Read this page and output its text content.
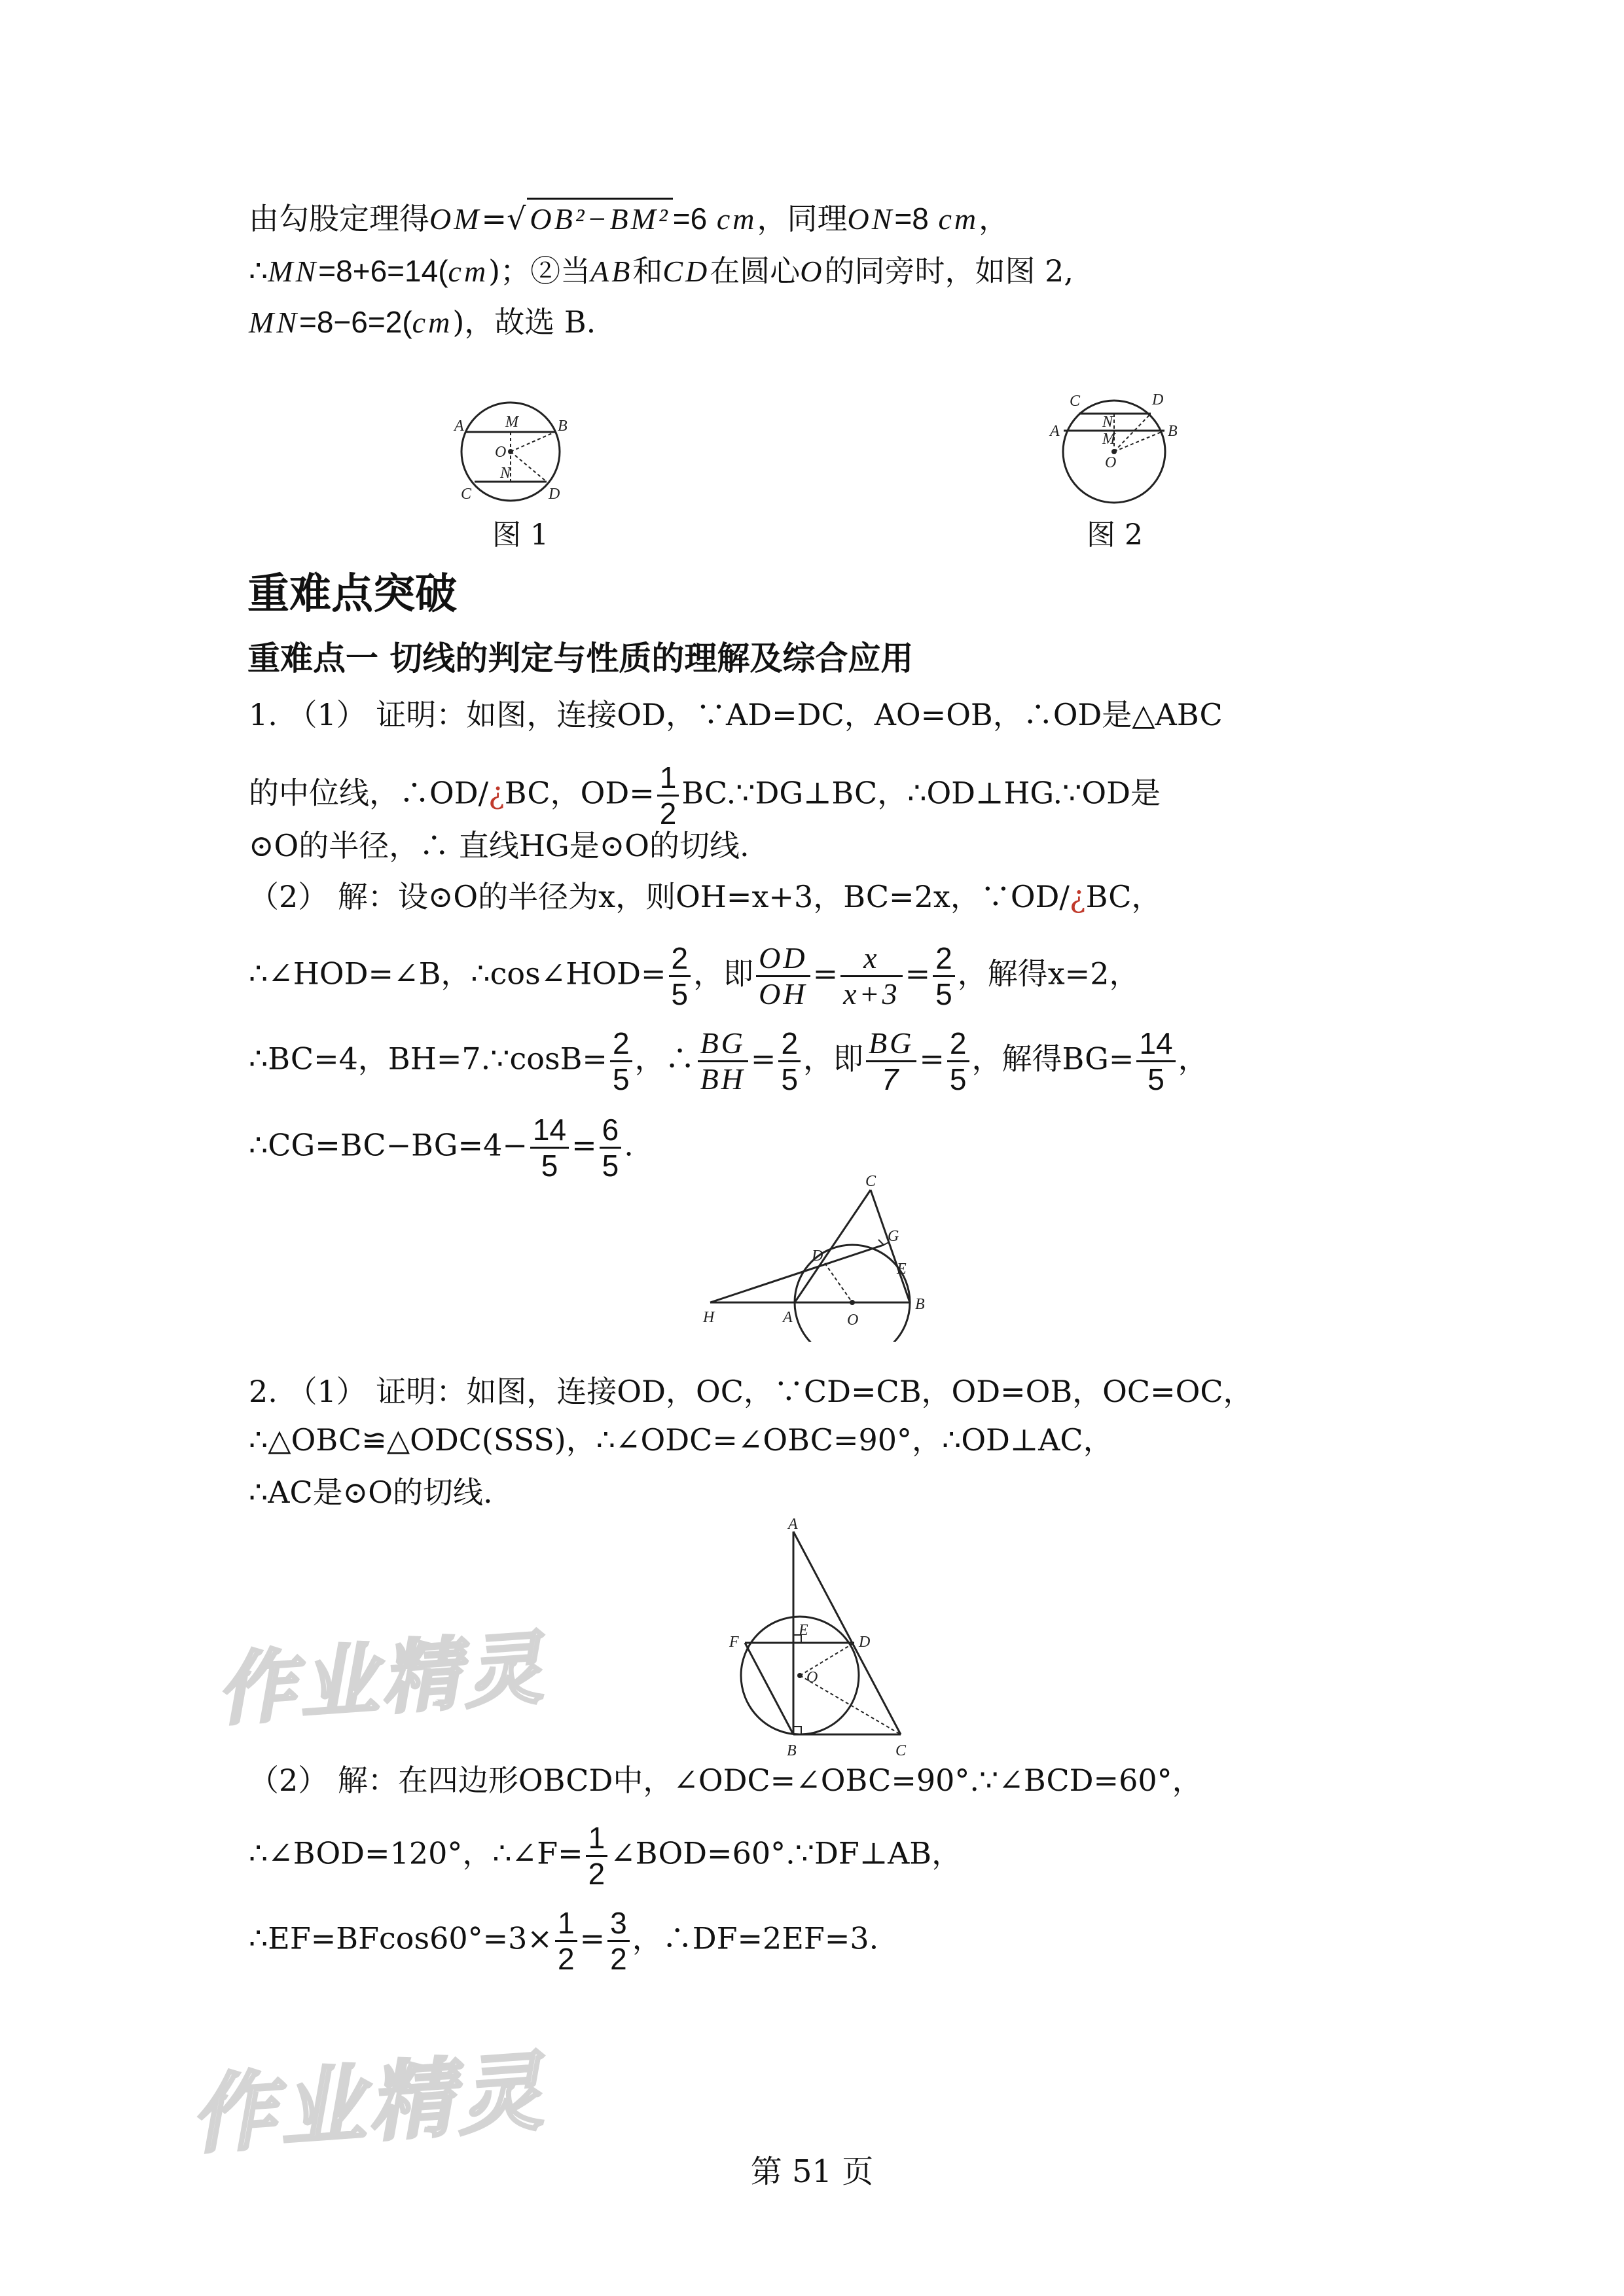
由勾股定理得OM=√ OB²−BM²=6 cm，同理ON=8 cm，
∴MN=8+6=14(cm)；②当AB和CD在圆心O的同旁时，如图 2,
MN=8−6=2(cm)，故选 B.
A	M	B
O
N
C	D
图 1
C	D
N
A	M	B
O
图 2
重难点突破
重难点一 切线的判定与性质的理解及综合应用
1. （1） 证明：如图，连接OD，∵AD=DC，AO=OB，∴OD是△ABC
的中位线，∴OD/¿BC，$OD= \frac{1}{2}$ BC.∵DG⊥BC，∴OD⊥HG.∵OD是
⊙O的半径，∴ 直线HG是⊙O的切线.
（2） 解：设⊙O的半径为x，则OH=x+3，BC=2x，∵OD/¿BC，
∴∠HOD=∠B，∴cos∠HOD= $\frac{2}{5}$ ，即 $\frac{OD}{OH} = \frac{x}{x+3} = \frac{2}{5}$ ，解得x=2，
∴BC=4，BH=7.∵cosB= $\frac{2}{5}$ ，∴ $\frac{BG}{BH} = \frac{2}{5}$ ，即 $\frac{BG}{7} = \frac{2}{5}$ ，解得$BG= \frac{14}{5}$ ，
∴CG=BC−BG=4− $\frac{14}{5} = \frac{6}{5}$ .
C
G
D
E
H	A	O
B
2. （1） 证明：如图，连接OD，OC，∵CD=CB，OD=OB，OC=OC，
∴△OBC≌△ODC(SSS)，∴∠ODC=∠OBC=90°，∴OD⊥AC，
∴AC是⊙O的切线.
A
E
F	D
O
B	C
（2） 解：在四边形OBCD中，∠ODC=∠OBC=90°.∵∠BCD=60°，
∴∠BOD=120°，∴∠F= $\frac{1}{2}$ ∠BOD=60°.∵DF⊥AB，
∴EF=BFcos60°=3× $\frac{1}{2} = \frac{3}{2}$ ，∴DF=2EF=3.
作业精灵
作业精灵
第 51 页
